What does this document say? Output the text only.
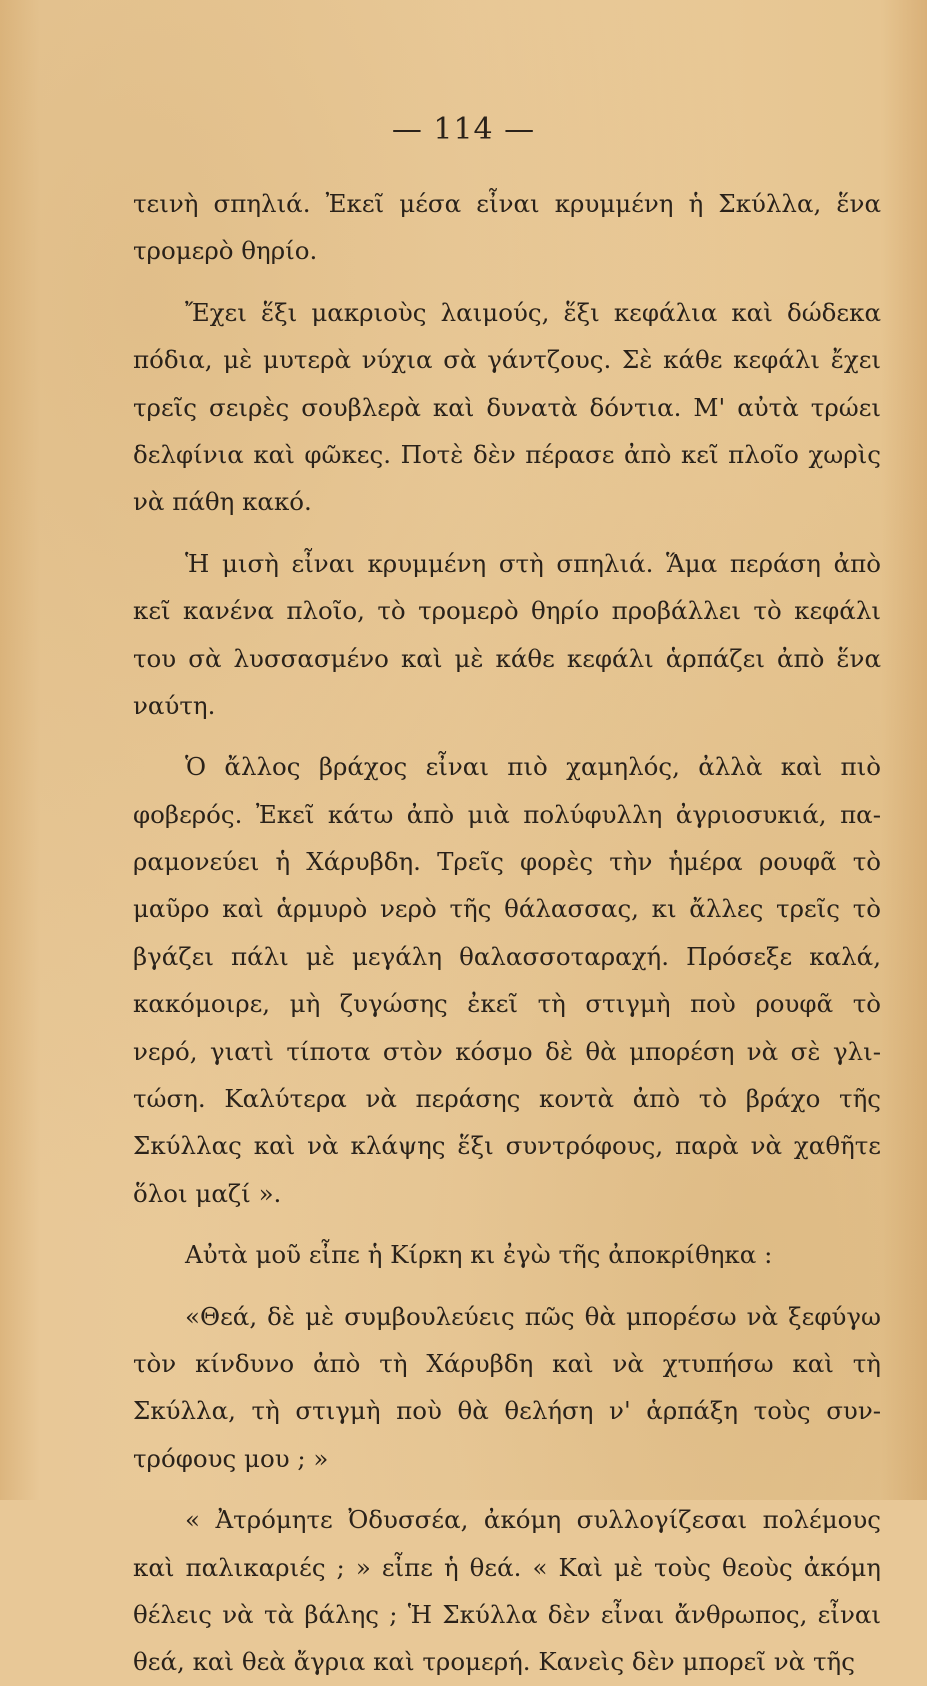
— 114 —
τεινὴ σπηλιά. Ἐκεῖ μέσα εἶναι κρυμμένη ἡ Σκύλλα, ἕνα
τρομερὸ θηρίο.
Ἔχει ἕξι μακριοὺς λαιμούς, ἕξι κεφάλια καὶ δώδεκα
πόδια, μὲ μυτερὰ νύχια σὰ γάντζους. Σὲ κάθε κεφάλι ἔχει
τρεῖς σειρὲς σουβλερὰ καὶ δυνατὰ δόντια. Μ' αὐτὰ τρώει
δελφίνια καὶ φῶκες. Ποτὲ δὲν πέρασε ἀπὸ κεῖ πλοῖο χωρὶς
νὰ πάθη κακό.
Ἡ μισὴ εἶναι κρυμμένη στὴ σπηλιά. Ἅμα περάση ἀπὸ
κεῖ κανένα πλοῖο, τὸ τρομερὸ θηρίο προβάλλει τὸ κεφάλι
του σὰ λυσσασμένο καὶ μὲ κάθε κεφάλι ἁρπάζει ἀπὸ ἕνα
ναύτη.
Ὁ ἄλλος βράχος εἶναι πιὸ χαμηλός, ἀλλὰ καὶ πιὸ
φοβερός. Ἐκεῖ κάτω ἀπὸ μιὰ πολύφυλλη ἀγριοσυκιά, πα-
ραμονεύει ἡ Χάρυβδη. Τρεῖς φορὲς τὴν ἡμέρα ρουφᾶ τὸ
μαῦρο καὶ ἁρμυρὸ νερὸ τῆς θάλασσας, κι ἄλλες τρεῖς τὸ
βγάζει πάλι μὲ μεγάλη θαλασσοταραχή. Πρόσεξε καλά,
κακόμοιρε, μὴ ζυγώσης ἐκεῖ τὴ στιγμὴ ποὺ ρουφᾶ τὸ
νερό, γιατὶ τίποτα στὸν κόσμο δὲ θὰ μπορέση νὰ σὲ γλι-
τώση. Καλύτερα νὰ περάσης κοντὰ ἀπὸ τὸ βράχο τῆς
Σκύλλας καὶ νὰ κλάψης ἕξι συντρόφους, παρὰ νὰ χαθῆτε
ὅλοι μαζί ».
Αὐτὰ μοῦ εἶπε ἡ Κίρκη κι ἐγὼ τῆς ἀποκρίθηκα :
«Θεά, δὲ μὲ συμβουλεύεις πῶς θὰ μπορέσω νὰ ξεφύγω
τὸν κίνδυνο ἀπὸ τὴ Χάρυβδη καὶ νὰ χτυπήσω καὶ τὴ
Σκύλλα, τὴ στιγμὴ ποὺ θὰ θελήση ν' ἁρπάξη τοὺς συν-
τρόφους μου ; »
« Ἀτρόμητε Ὀδυσσέα, ἀκόμη συλλογίζεσαι πολέμους
καὶ παλικαριές ; » εἶπε ἡ θεά. « Καὶ μὲ τοὺς θεοὺς ἀκόμη
θέλεις νὰ τὰ βάλης ; Ἡ Σκύλλα δὲν εἶναι ἄνθρωπος, εἶναι
θεά, καὶ θεὰ ἄγρια καὶ τρομερή. Κανεὶς δὲν μπορεῖ νὰ τῆς
